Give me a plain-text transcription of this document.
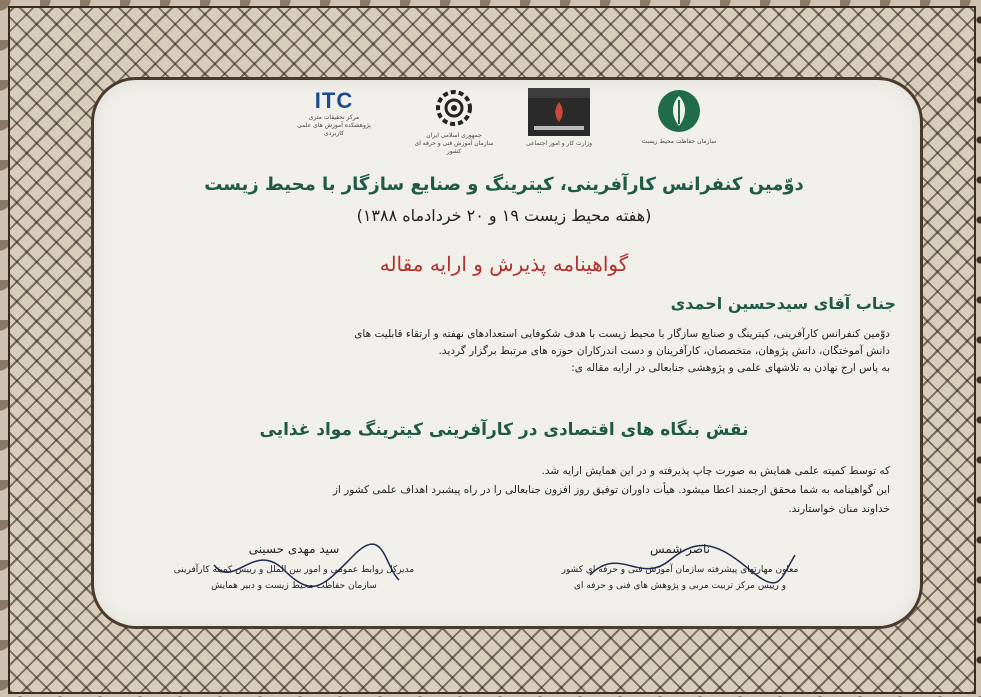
ITC
مرکز تحقیقات متری
پژوهشکده آموزش های علمی کاربردی	جمهوری اسلامی ایران
سازمان آموزش فنی و حرفه ای کشور
وزارت کار و امور اجتماعی	سازمان حفاظت محیط زیست
دوّمین کنفرانس کارآفرینی، کیترینگ و صنایع سازگار با محیط زیست
(هفته محیط زیست ۱۹ و ۲۰ خردادماه ۱۳۸۸)
گواهینامه پذیرش و ارایه مقاله
جناب آقای سیدحسین احمدی
دوّمین کنفرانس کارآفرینی، کیترینگ و صنایع سازگار با محیط زیست با هدف شکوفایی استعدادهای نهفته و ارتقاء قابلیت های
دانش آموختگان، دانش پژوهان، متخصصان، کارآفرینان و دست اندرکاران حوزه های مرتبط برگزار گردید.
به پاس ارج نهادن به تلاشهای علمی و پژوهشی جنابعالی در ارایه مقاله ی:
نقش بنگاه های اقتصادی در کارآفرینی کیترینگ مواد غذایی
که توسط کمیته علمی همایش به صورت چاپ پذیرفته و در این همایش ارایه شد.
این گواهینامه به شما محقق ارجمند اعطا میشود. هیأت داوران توفیق روز افزون جنابعالی را در راه پیشبرد اهداف علمی کشور از
خداوند منان خواستارند.
ناصر شمس
معاون مهارتهای پیشرفته سازمان آموزش فنی و حرفه ای کشور
و رییس مرکز تربیت مربی و پژوهش های فنی و حرفه ای
سید مهدی حسینی
مدیرکل روابط عمومی و امور بین الملل و رییس کمیته کارآفرینی
سازمان حفاظت محیط زیست و دبیر همایش
